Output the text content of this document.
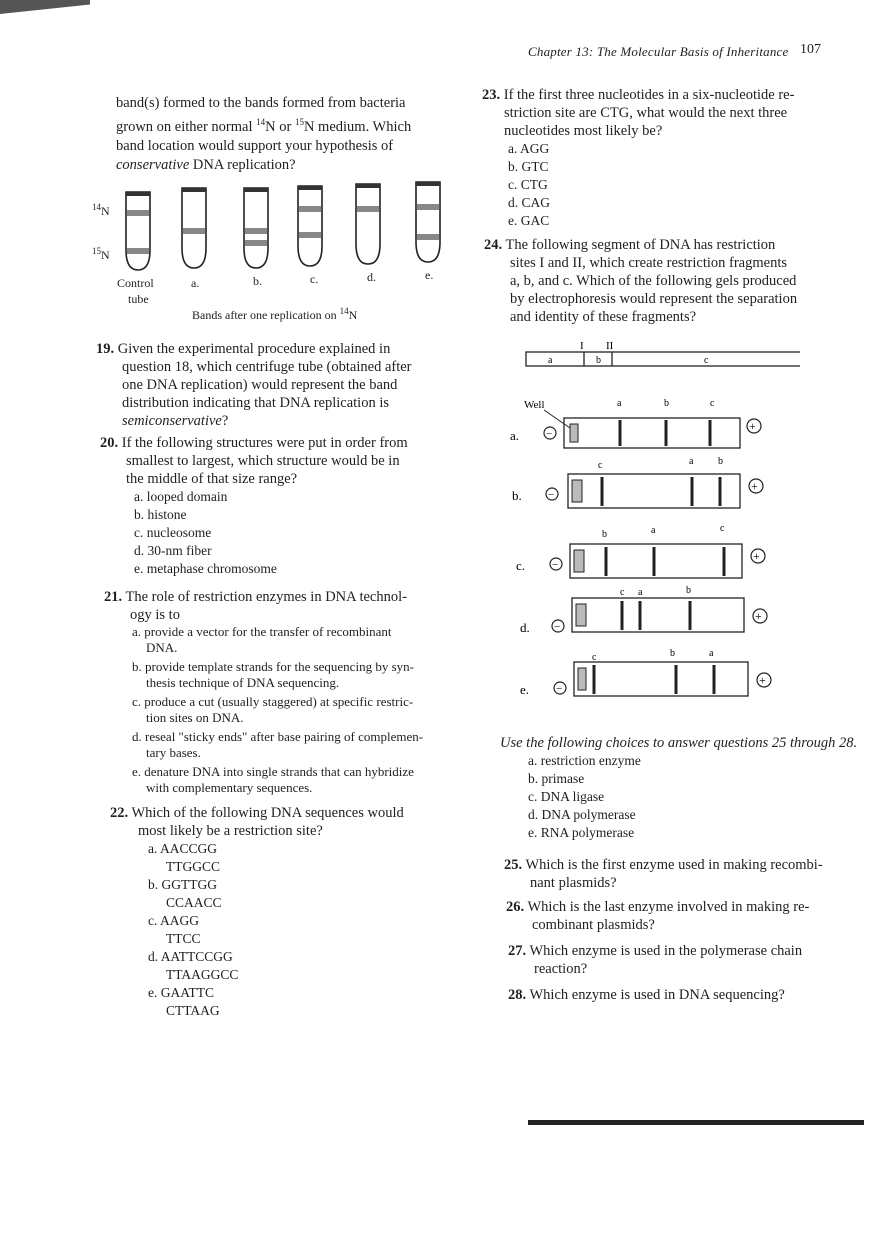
Chapter 13: The Molecular Basis of Inheritance 107

band(s) formed to the bands formed from bacteria

grown on either normal $^{14}$N or $^{15}$N medium. Which

band location would support your hypothesis of

conservative DNA replication?

$^{14}$N
$^{15}$N
Control
tube
a.	b.	c.	d.	e.
Bands after one replication on $^{14}$N

19. Given the experimental procedure explained in

question 18, which centrifuge tube (obtained after

one DNA replication) would represent the band

distribution indicating that DNA replication is

semiconservative?

20. If the following structures were put in order from

smallest to largest, which structure would be in

the middle of that size range?

a. looped domain
b. histone
c. nucleosome
d. 30-nm fiber
e. metaphase chromosome

21. The role of restriction enzymes in DNA technol-

ogy is to

a. provide a vector for the transfer of recombinant
DNA.
b. provide template strands for the sequencing by syn-
thesis technique of DNA sequencing.
c. produce a cut (usually staggered) at specific restric-
tion sites on DNA.
d. reseal "sticky ends" after base pairing of complemen-
tary bases.
e. denature DNA into single strands that can hybridize
with complementary sequences.

22. Which of the following DNA sequences would

most likely be a restriction site?

a. AACCGG
TTGGCC
b. GGTTGG
CCAACC
c. AAGG
TTCC
d. AATTCCGG
TTAAGGCC
e. GAATTC
CTTAAG

23. If the first three nucleotides in a six-nucleotide re-

striction site are CTG, what would the next three

nucleotides most likely be?

a. AGG
b. GTC
c. CTG
d. CAG
e. GAC

24. The following segment of DNA has restriction

sites I and II, which create restriction fragments

a, b, and c. Which of the following gels produced

by electrophoresis would represent the separation

and identity of these fragments?

I II
a	b	c
Well
a. −
a	b	c
+
b. −
c	a b
+
c. −
b	a	c
+
d. −
c a	b
+
e. −
c	b	a
+

Use the following choices to answer questions 25 through 28.

a. restriction enzyme
b. primase
c. DNA ligase
d. DNA polymerase
e. RNA polymerase

25. Which is the first enzyme used in making recombi-

nant plasmids?

26. Which is the last enzyme involved in making re-

combinant plasmids?

27. Which enzyme is used in the polymerase chain

reaction?

28. Which enzyme is used in DNA sequencing?
